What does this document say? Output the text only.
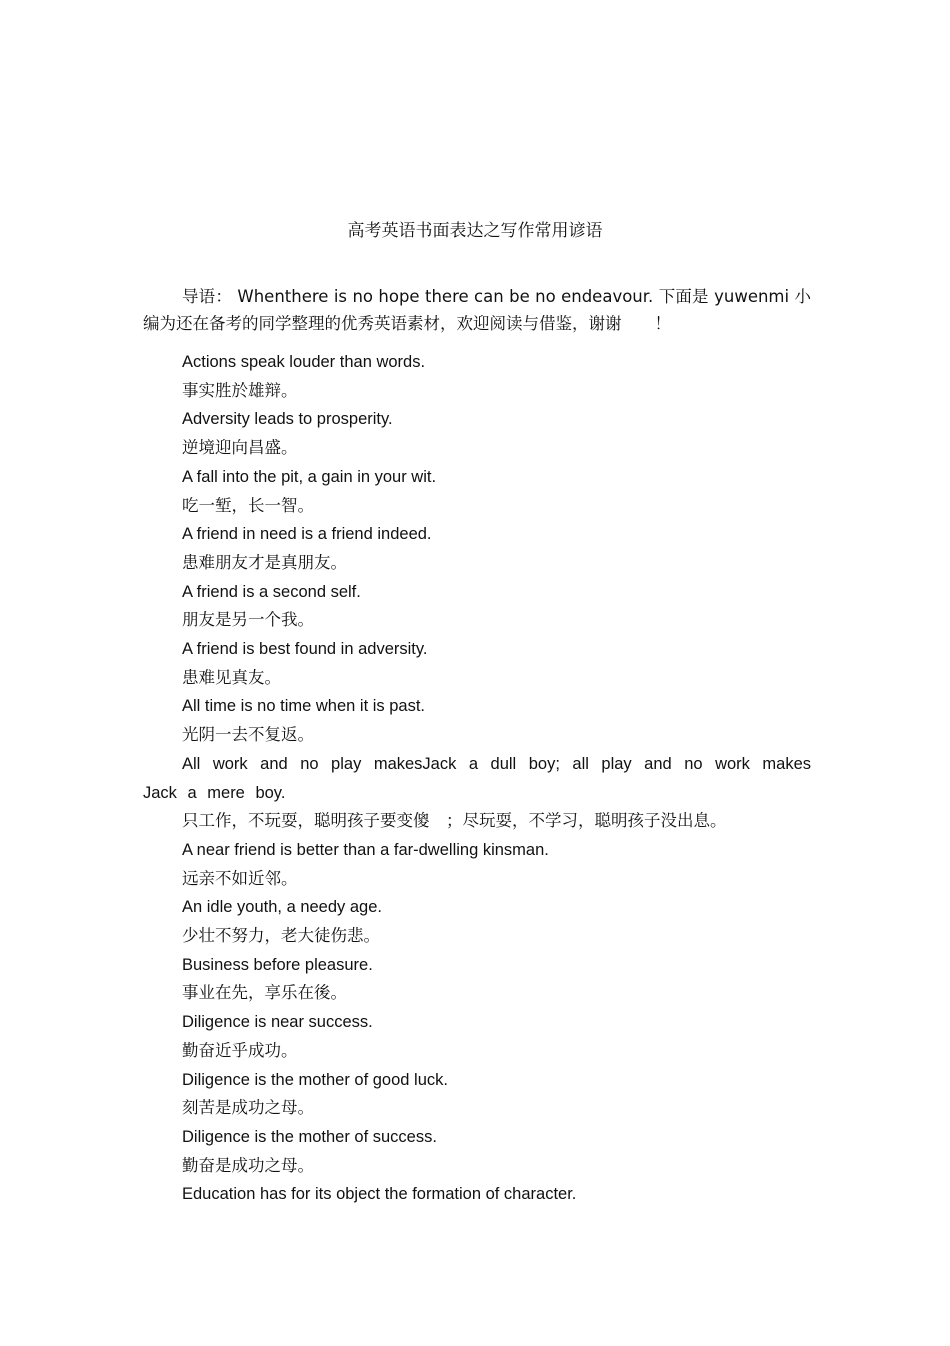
高考英语书面表达之写作常用谚语

导语： Whenthere is no hope there can be no endeavour. 下面是 yuwenmi 小编为还在备考的同学整理的优秀英语素材，欢迎阅读与借鉴，谢谢　　！

Actions speak louder than words.

事实胜於雄辩。

Adversity leads to prosperity.

逆境迎向昌盛。

A fall into the pit, a gain in your wit.

吃一堑，长一智。

A friend in need is a friend indeed.

患难朋友才是真朋友。

A friend is a second self.

朋友是另一个我。

A friend is best found in adversity.

患难见真友。

All time is no time when it is past.

光阴一去不复返。

All work and no play makesJack a dull boy; all play and no work makes Jack a mere boy.

只工作，不玩耍，聪明孩子要变傻　；尽玩耍，不学习，聪明孩子没出息。

A near friend is better than a far-dwelling kinsman.

远亲不如近邻。

An idle youth, a needy age.

少壮不努力，老大徒伤悲。

Business before pleasure.

事业在先，享乐在後。

Diligence is near success.

勤奋近乎成功。

Diligence is the mother of good luck.

刻苦是成功之母。

Diligence is the mother of success.

勤奋是成功之母。

Education has for its object the formation of character.
